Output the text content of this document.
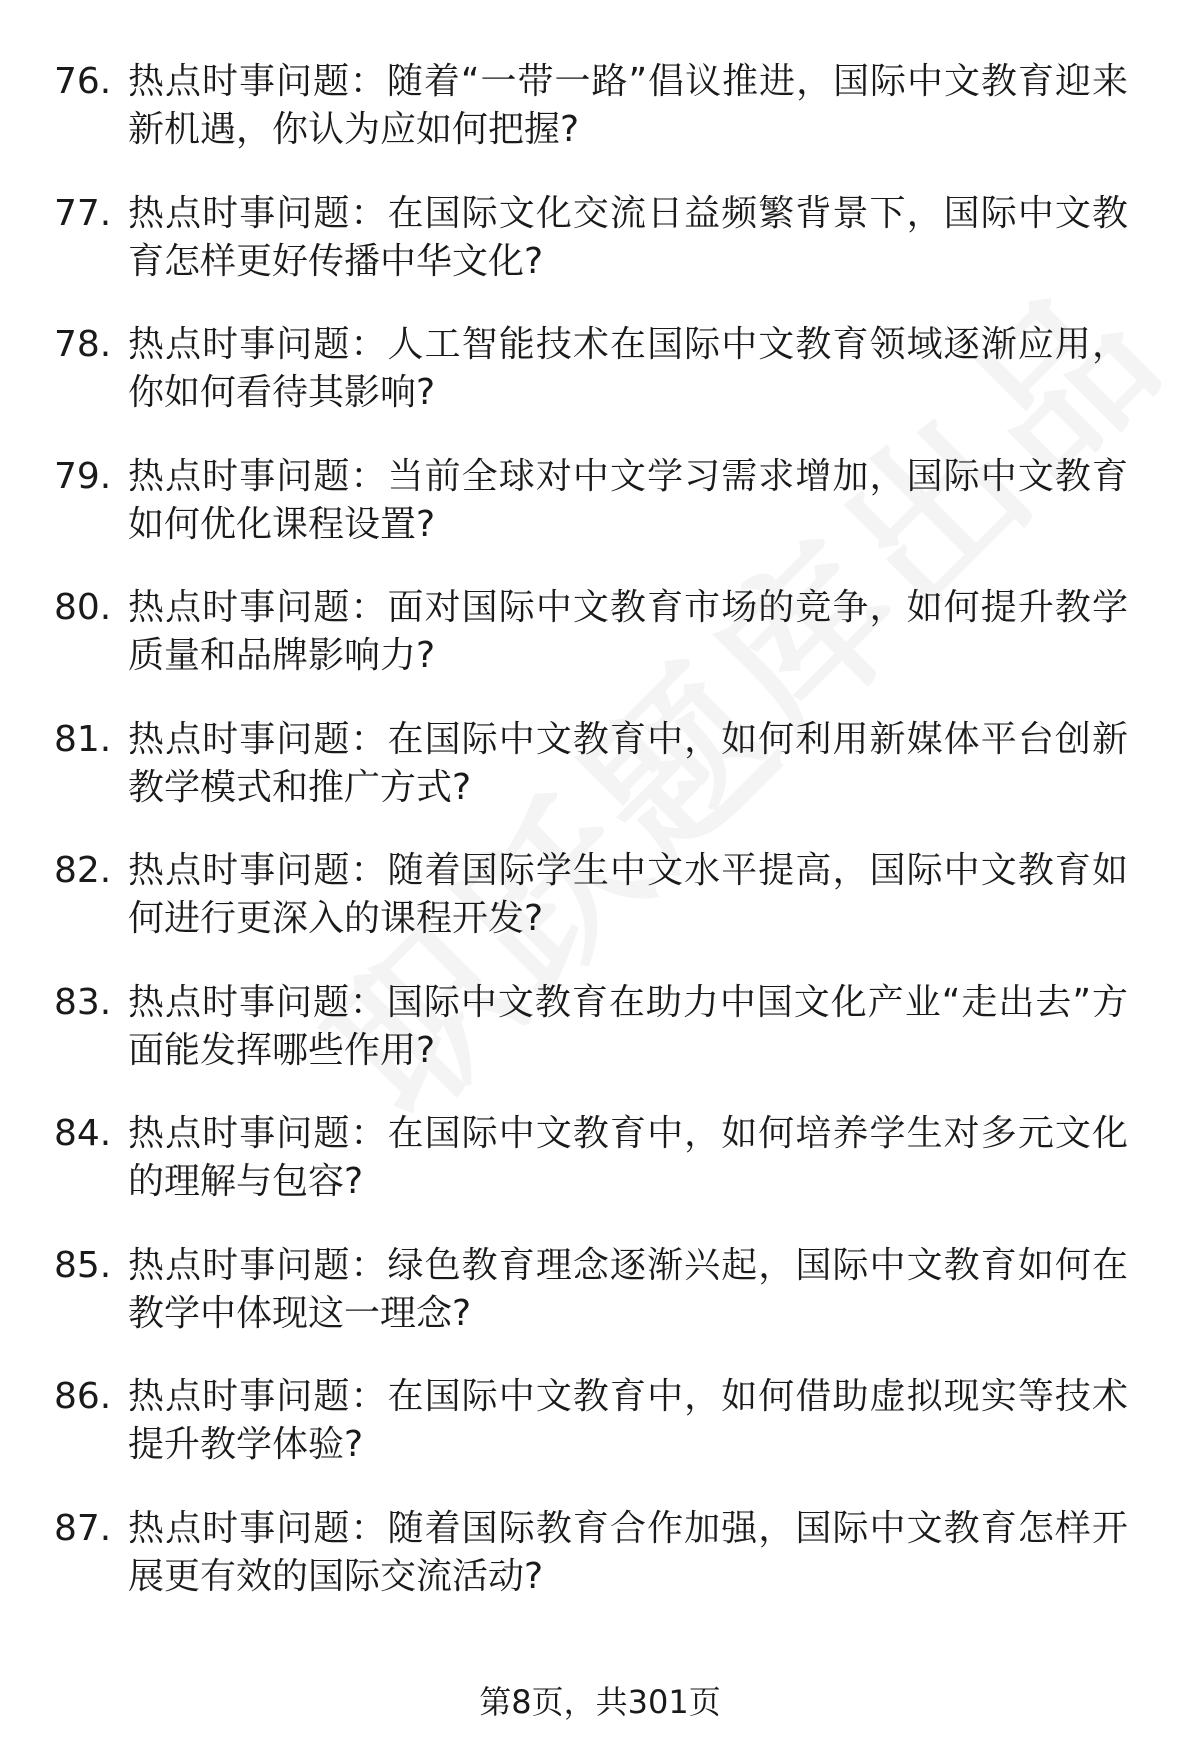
76. 热点时事问题：随着“一带一路”倡议推进，国际中文教育迎来新机遇，你认为应如何把握?
77. 热点时事问题：在国际文化交流日益频繁背景下，国际中文教育怎样更好传播中华文化?
78. 热点时事问题：人工智能技术在国际中文教育领域逐渐应用，你如何看待其影响?
79. 热点时事问题：当前全球对中文学习需求增加，国际中文教育如何优化课程设置?
80. 热点时事问题：面对国际中文教育市场的竞争，如何提升教学质量和品牌影响力?
81. 热点时事问题：在国际中文教育中，如何利用新媒体平台创新教学模式和推广方式?
82. 热点时事问题：随着国际学生中文水平提高，国际中文教育如何进行更深入的课程开发?
83. 热点时事问题：国际中文教育在助力中国文化产业“走出去”方面能发挥哪些作用?
84. 热点时事问题：在国际中文教育中，如何培养学生对多元文化的理解与包容?
85. 热点时事问题：绿色教育理念逐渐兴起，国际中文教育如何在教学中体现这一理念?
86. 热点时事问题：在国际中文教育中，如何借助虚拟现实等技术提升教学体验?
87. 热点时事问题：随着国际教育合作加强，国际中文教育怎样开展更有效的国际交流活动?
第8页，共301页
